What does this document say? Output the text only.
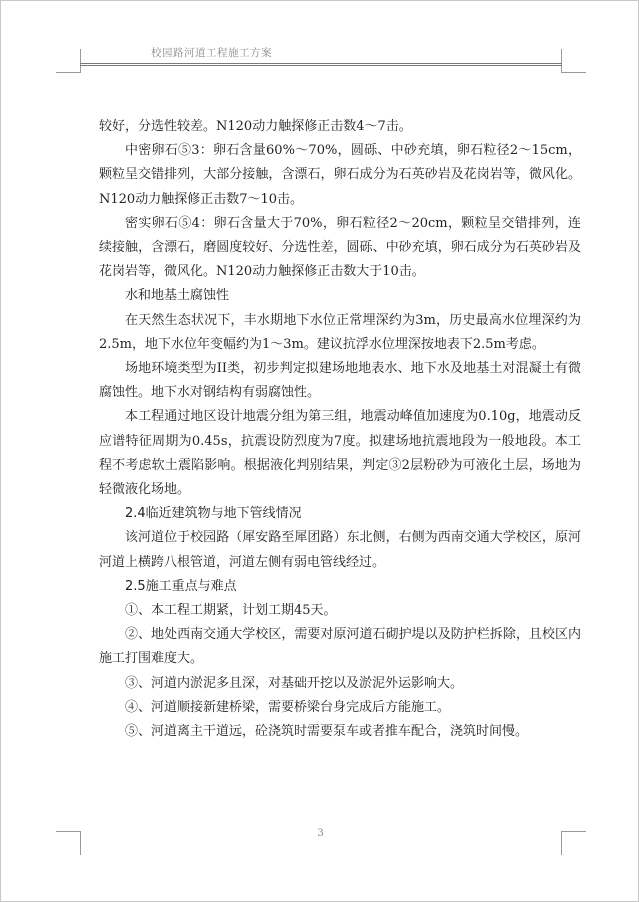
校园路河道工程施工方案

较好，分选性较差。N120动力触探修正击数4～7击。

中密卵石⑤3：卵石含量60%～70%，圆砾、中砂充填，卵石粒径2～15cm，颗粒呈交错排列，大部分接触，含漂石，卵石成分为石英砂岩及花岗岩等，微风化。N120动力触探修正击数7～10击。

密实卵石⑤4：卵石含量大于70%，卵石粒径2～20cm，颗粒呈交错排列，连续接触，含漂石，磨圆度较好、分选性差，圆砾、中砂充填，卵石成分为石英砂岩及花岗岩等，微风化。N120动力触探修正击数大于10击。

水和地基土腐蚀性

在天然生态状况下，丰水期地下水位正常埋深约为3m，历史最高水位埋深约为2.5m，地下水位年变幅约为1～3m。建议抗浮水位埋深按地表下2.5m考虑。

场地环境类型为II类，初步判定拟建场地地表水、地下水及地基土对混凝土有微腐蚀性。地下水对钢结构有弱腐蚀性。

本工程通过地区设计地震分组为第三组，地震动峰值加速度为0.10g，地震动反应谱特征周期为0.45s，抗震设防烈度为7度。拟建场地抗震地段为一般地段。本工程不考虑软土震陷影响。根据液化判别结果，判定③2层粉砂为可液化土层，场地为轻微液化场地。

2.4临近建筑物与地下管线情况

该河道位于校园路（犀安路至犀团路）东北侧，右侧为西南交通大学校区，原河河道上横跨八根管道，河道左侧有弱电管线经过。

2.5施工重点与难点

①、本工程工期紧，计划工期45天。

②、地处西南交通大学校区，需要对原河道石砌护堤以及防护栏拆除，且校区内施工打围难度大。

③、河道内淤泥多且深，对基础开挖以及淤泥外运影响大。

④、河道顺接新建桥梁，需要桥梁台身完成后方能施工。

⑤、河道离主干道远，砼浇筑时需要泵车或者推车配合，浇筑时间慢。

3
